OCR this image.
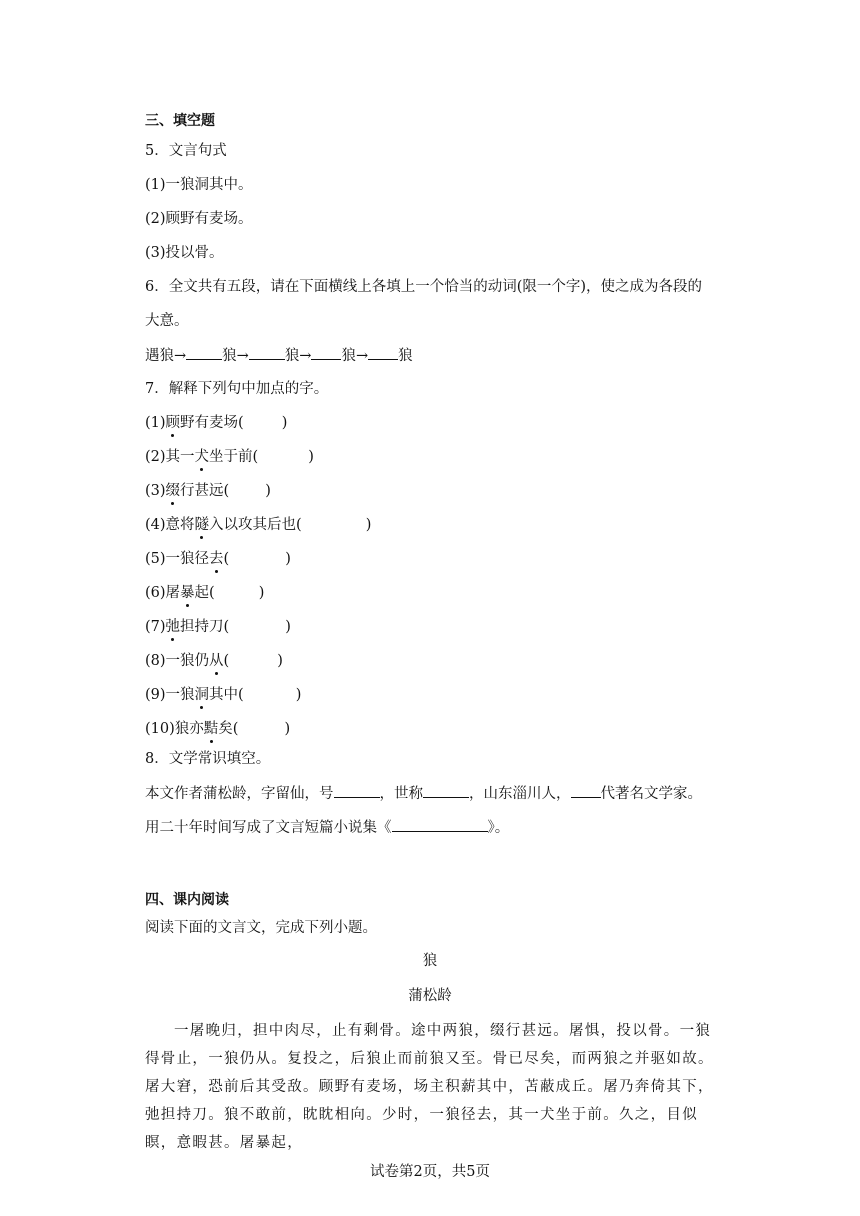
三、填空题
5．文言句式
(1)一狼洞其中。
(2)顾野有麦场。
(3)投以骨。
6．全文共有五段，请在下面横线上各填上一个恰当的动词(限一个字)，使之成为各段的
大意。
遇狼→ 狼→ 狼→ 狼→ 狼
7．解释下列句中加点的字。
(1)顾野有麦场(	)
(2)其一犬坐于前(	)
(3)缀行甚远( )
(4)意将隧入以攻其后也(	)
(5)一狼径去(	)
(6)屠暴起(	)
(7)弛担持刀(	)
(8)一狼仍从(	)
(9)一狼洞其中(	)
(10)狼亦黠矣(	)
8．文学常识填空。
本文作者蒲松龄，字留仙，号	，世称	，山东淄川人， 代著名文学家。
用二十年时间写成了文言短篇小说集《	》。
四、课内阅读
阅读下面的文言文，完成下列小题。
狼
蒲松龄
一屠晚归，担中肉尽，止有剩骨。途中两狼，缀行甚远。屠惧，投以骨。一狼得骨止，一狼仍从。复投之，后狼止而前狼又至。骨已尽矣，而两狼之并驱如故。屠大窘，恐前后其受敌。顾野有麦场，场主积薪其中，苫蔽成丘。屠乃奔倚其下，弛担持刀。狼不敢前，眈眈相向。少时，一狼径去，其一犬坐于前。久之，目似瞑，意暇甚。屠暴起，
试卷第2页，共5页
